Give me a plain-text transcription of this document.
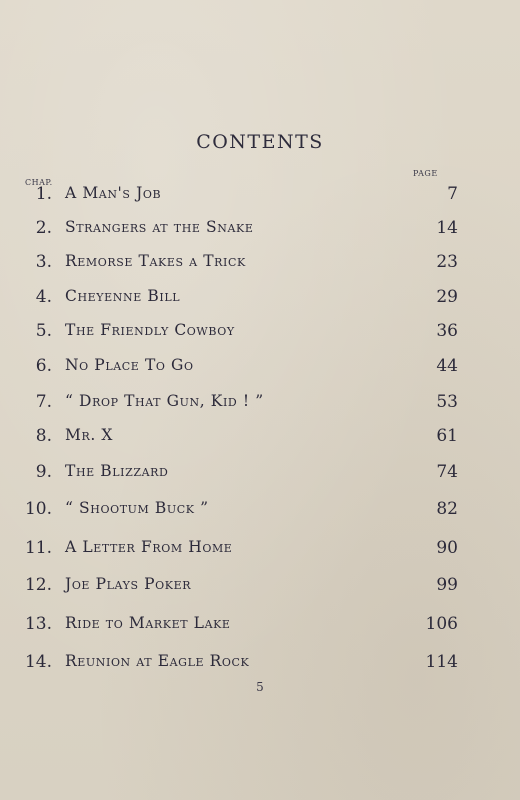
CONTENTS
CHAP.
PAGE
1. A Man's Job	7
2. Strangers at the Snake	14
3. Remorse Takes a Trick	23
4. Cheyenne Bill	29
5. The Friendly Cowboy	36
6. No Place To Go	44
7. “ Drop That Gun, Kid ! ”	53
8. Mr. X	61
9. The Blizzard	74
10. “ Shootum Buck ”	82
11. A Letter From Home	90
12. Joe Plays Poker	99
13. Ride to Market Lake	106
14. Reunion at Eagle Rock	114
5
